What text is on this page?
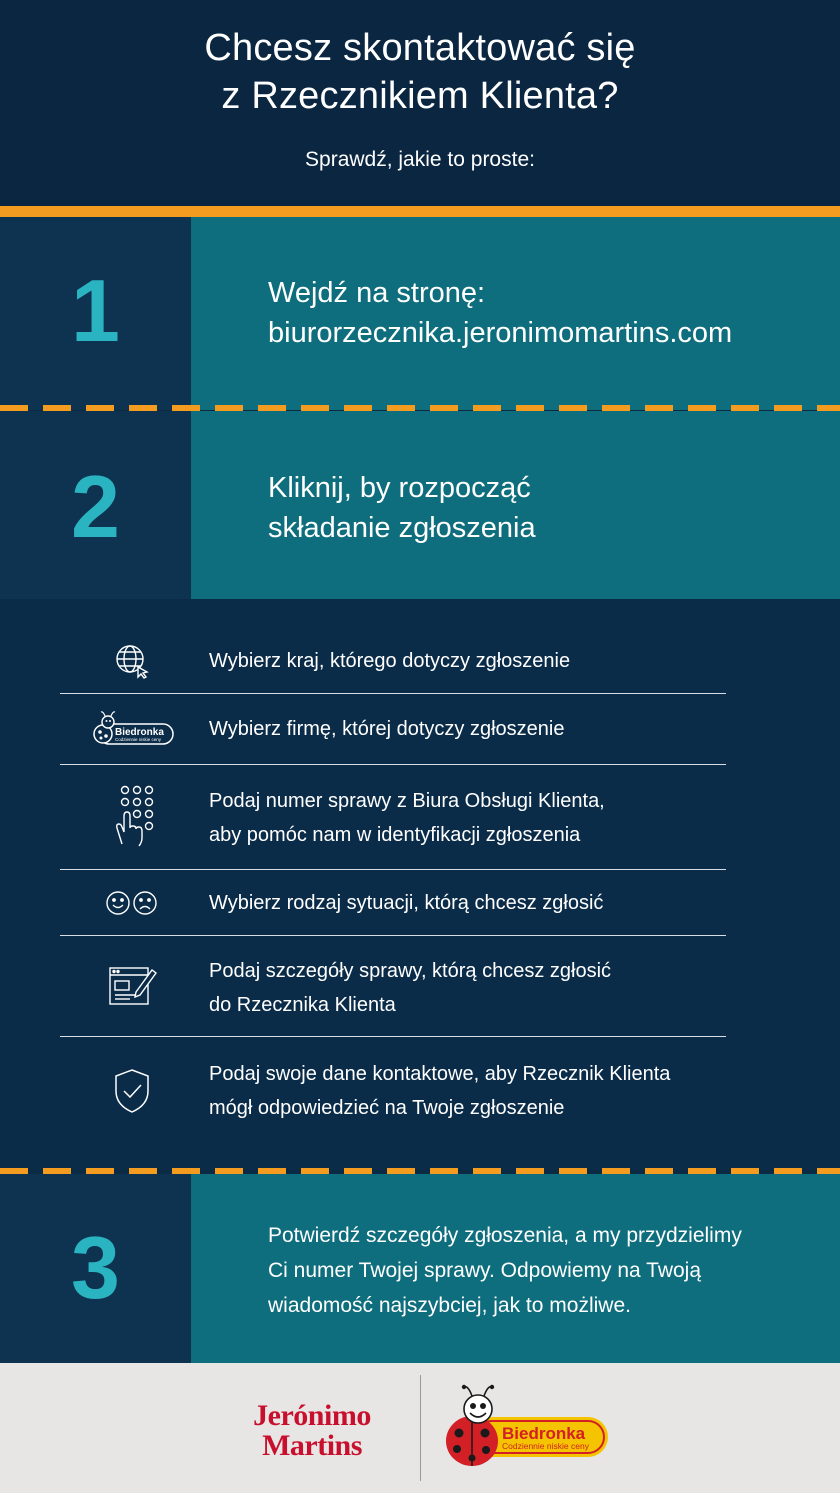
Chcesz skontaktować się
z Rzecznikiem Klienta?
Sprawdź, jakie to proste:
1	Wejdź na stronę:
biurorzecznika.jeronimomartins.com
2	Kliknij, by rozpocząć
składanie zgłoszenia
Wybierz kraj, którego dotyczy zgłoszenie
Biedronka
Codziennie niskie ceny Wybierz firmę, której dotyczy zgłoszenie
Podaj numer sprawy z Biura Obsługi Klienta,
aby pomóc nam w identyfikacji zgłoszenia
Wybierz rodzaj sytuacji, którą chcesz zgłosić
Podaj szczegóły sprawy, którą chcesz zgłosić
do Rzecznika Klienta
Podaj swoje dane kontaktowe, aby Rzecznik Klienta
mógł odpowiedzieć na Twoje zgłoszenie
3	Potwierdź szczegóły zgłoszenia, a my przydzielimy
Ci numer Twojej sprawy. Odpowiemy na Twoją
wiadomość najszybciej, jak to możliwe.
Jerónimo
Martins	Biedronka
Codziennie niskie ceny
